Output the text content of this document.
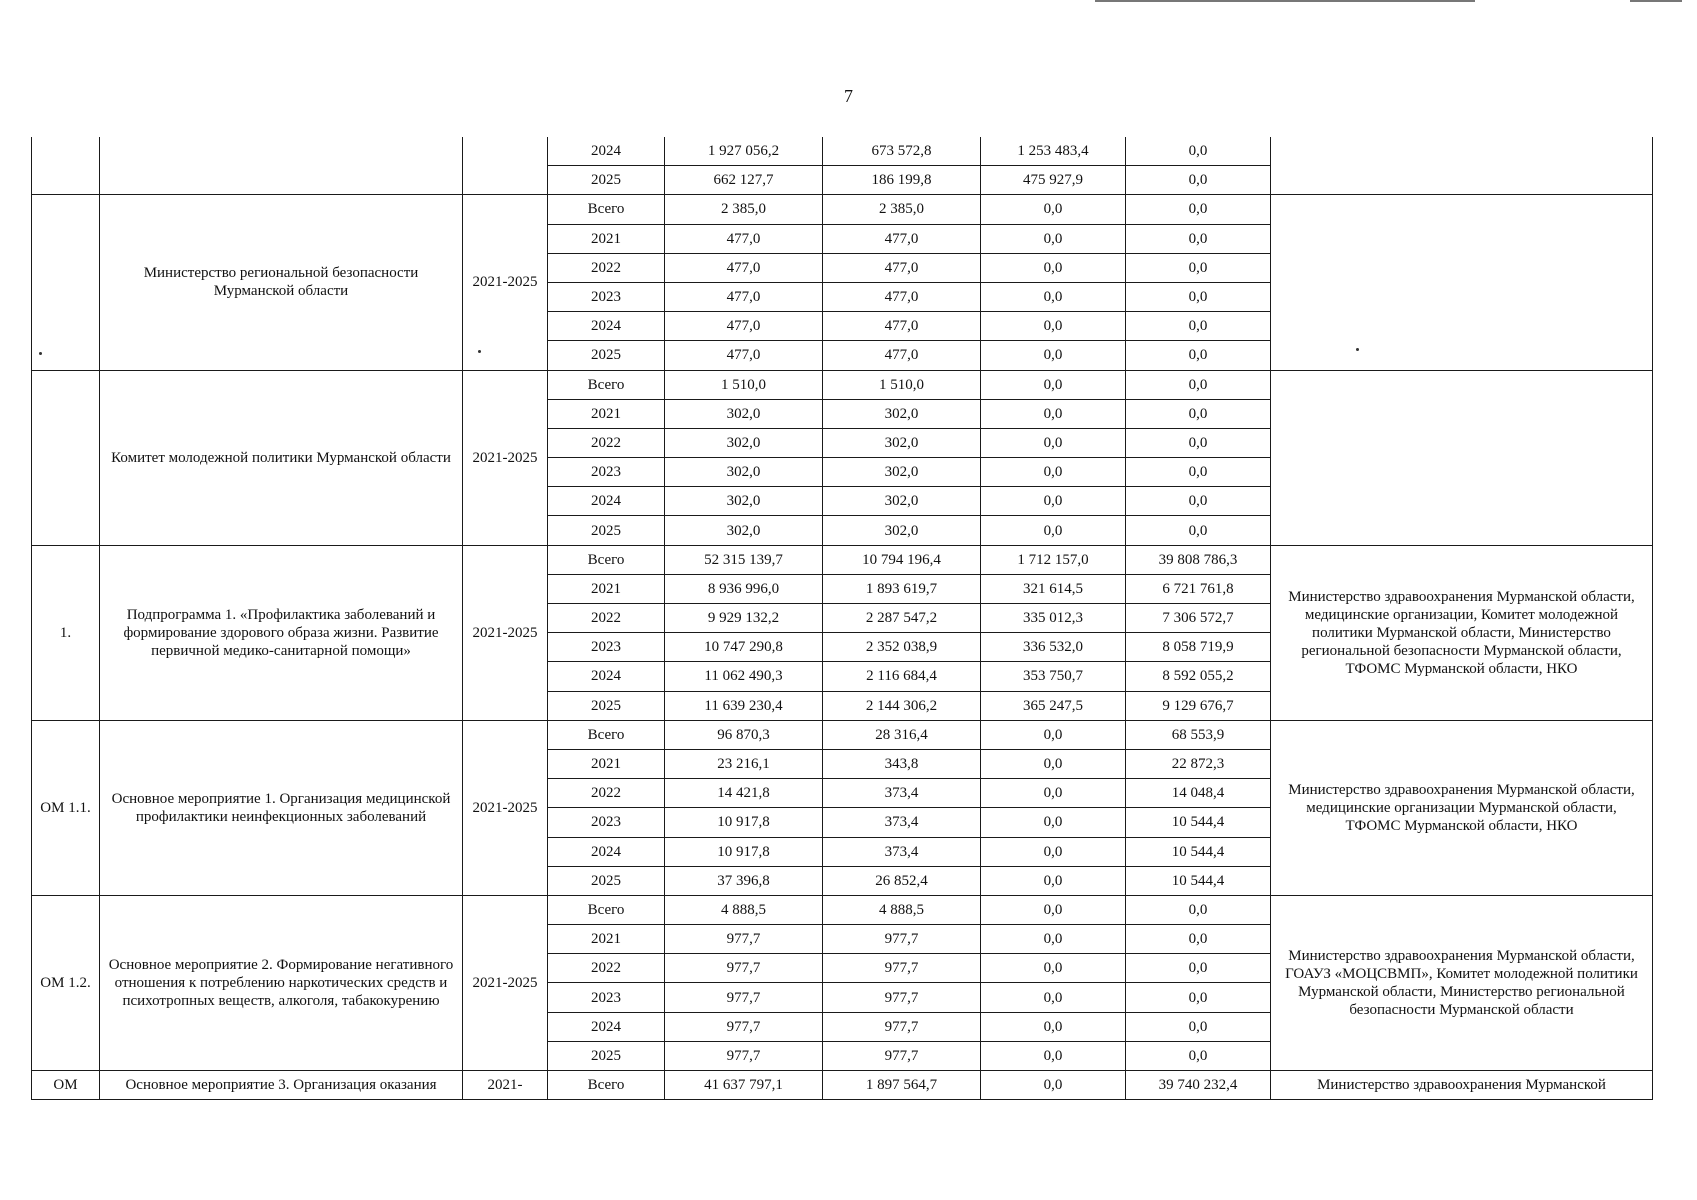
7
			2024	1 927 056,2	673 572,8	1 253 483,4	0,0	
			2025	662 127,7	186 199,8	475 927,9	0,0	
	Министерство региональной безопасности Мурманской области	2021-2025	Всего	2 385,0	2 385,0	0,0	0,0	
			2021	477,0	477,0	0,0	0,0	
			2022	477,0	477,0	0,0	0,0	
			2023	477,0	477,0	0,0	0,0	
			2024	477,0	477,0	0,0	0,0	
			2025	477,0	477,0	0,0	0,0	
	Комитет молодежной политики Мурманской области	2021-2025	Всего	1 510,0	1 510,0	0,0	0,0	
			2021	302,0	302,0	0,0	0,0	
			2022	302,0	302,0	0,0	0,0	
			2023	302,0	302,0	0,0	0,0	
			2024	302,0	302,0	0,0	0,0	
			2025	302,0	302,0	0,0	0,0	
1.	Подпрограмма 1. «Профилактика заболеваний и формирование здорового образа жизни. Развитие первичной медико-санитарной помощи»	2021-2025	Всего	52 315 139,7	10 794 196,4	1 712 157,0	39 808 786,3	Министерство здравоохранения Мурманской области, медицинские организации, Комитет молодежной политики Мурманской области, Министерство региональной безопасности Мурманской области, ТФОМС Мурманской области, НКО
			2021	8 936 996,0	1 893 619,7	321 614,5	6 721 761,8	
			2022	9 929 132,2	2 287 547,2	335 012,3	7 306 572,7	
			2023	10 747 290,8	2 352 038,9	336 532,0	8 058 719,9	
			2024	11 062 490,3	2 116 684,4	353 750,7	8 592 055,2	
			2025	11 639 230,4	2 144 306,2	365 247,5	9 129 676,7	
ОМ 1.1.	Основное мероприятие 1. Организация медицинской профилактики неинфекционных заболеваний	2021-2025	Всего	96 870,3	28 316,4	0,0	68 553,9	Министерство здравоохранения Мурманской области, медицинские организации Мурманской области, ТФОМС Мурманской области, НКО
			2021	23 216,1	343,8	0,0	22 872,3	
			2022	14 421,8	373,4	0,0	14 048,4	
			2023	10 917,8	373,4	0,0	10 544,4	
			2024	10 917,8	373,4	0,0	10 544,4	
			2025	37 396,8	26 852,4	0,0	10 544,4	
ОМ 1.2.	Основное мероприятие 2. Формирование негативного отношения к потреблению наркотических средств и психотропных веществ, алкоголя, табакокурению	2021-2025	Всего	4 888,5	4 888,5	0,0	0,0	Министерство здравоохранения Мурманской области, ГОАУЗ «МОЦСВМП», Комитет молодежной политики Мурманской области, Министерство региональной безопасности Мурманской области
			2021	977,7	977,7	0,0	0,0	
			2022	977,7	977,7	0,0	0,0	
			2023	977,7	977,7	0,0	0,0	
			2024	977,7	977,7	0,0	0,0	
			2025	977,7	977,7	0,0	0,0	
ОМ	Основное мероприятие 3. Организация оказания	2021-	Всего	41 637 797,1	1 897 564,7	0,0	39 740 232,4	Министерство здравоохранения Мурманской
